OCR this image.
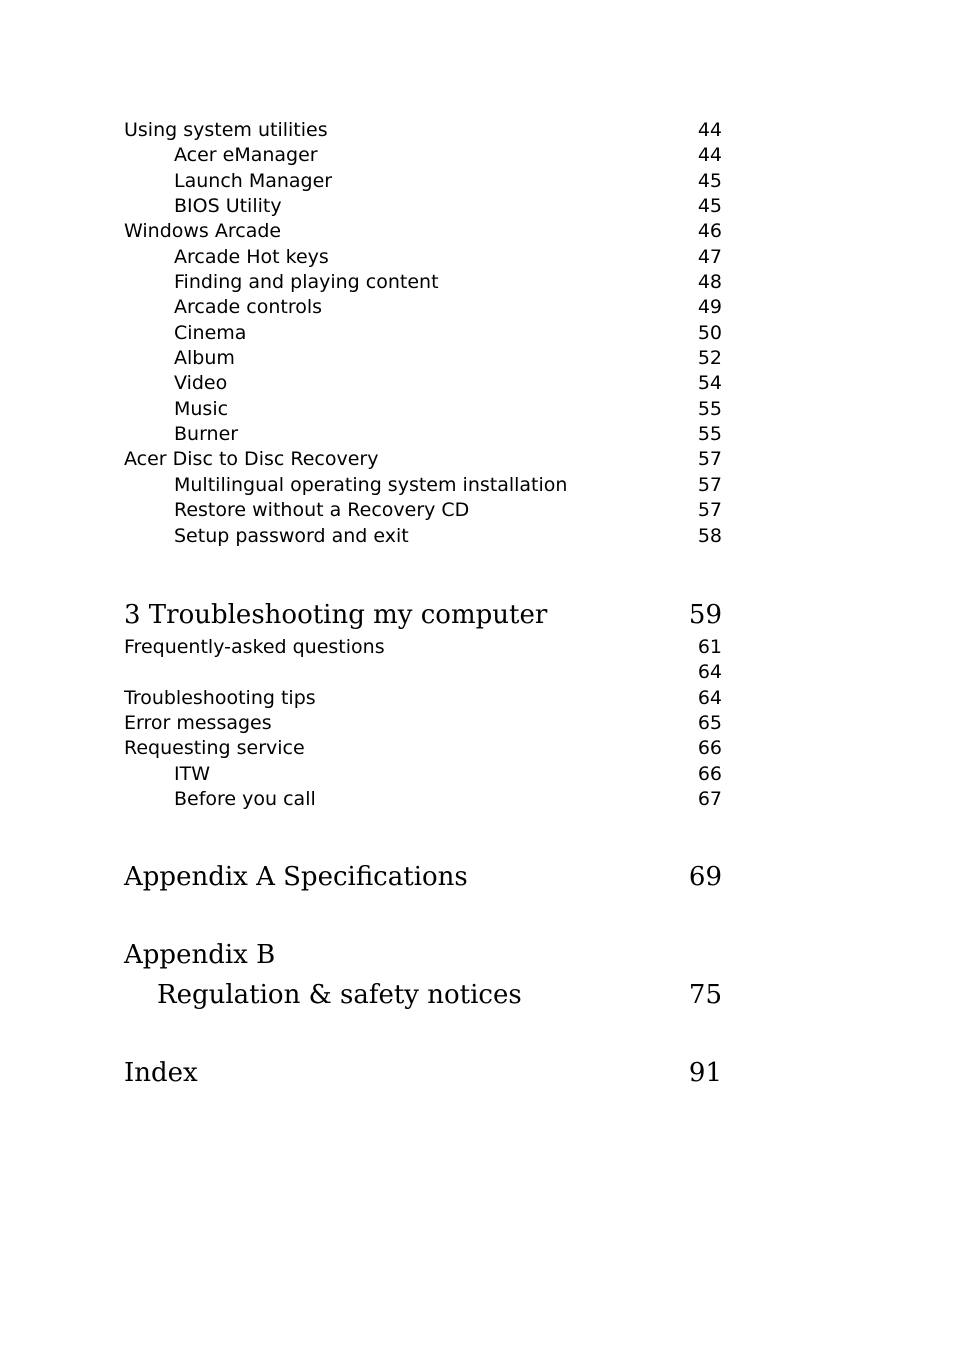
Using system utilities	44
Acer eManager	44
Launch Manager	45
BIOS Utility	45
Windows Arcade	46
Arcade Hot keys	47
Finding and playing content	48
Arcade controls	49
Cinema	50
Album	52
Video	54
Music	55
Burner	55
Acer Disc to Disc Recovery	57
Multilingual operating system installation	57
Restore without a Recovery CD	57
Setup password and exit	58
3 Troubleshooting my computer	59
Frequently-asked questions	61
64
Troubleshooting tips	64
Error messages	65
Requesting service	66
ITW	66
Before you call	67
Appendix A Specifications	69
Appendix B
Regulation & safety notices	75
Index	91
